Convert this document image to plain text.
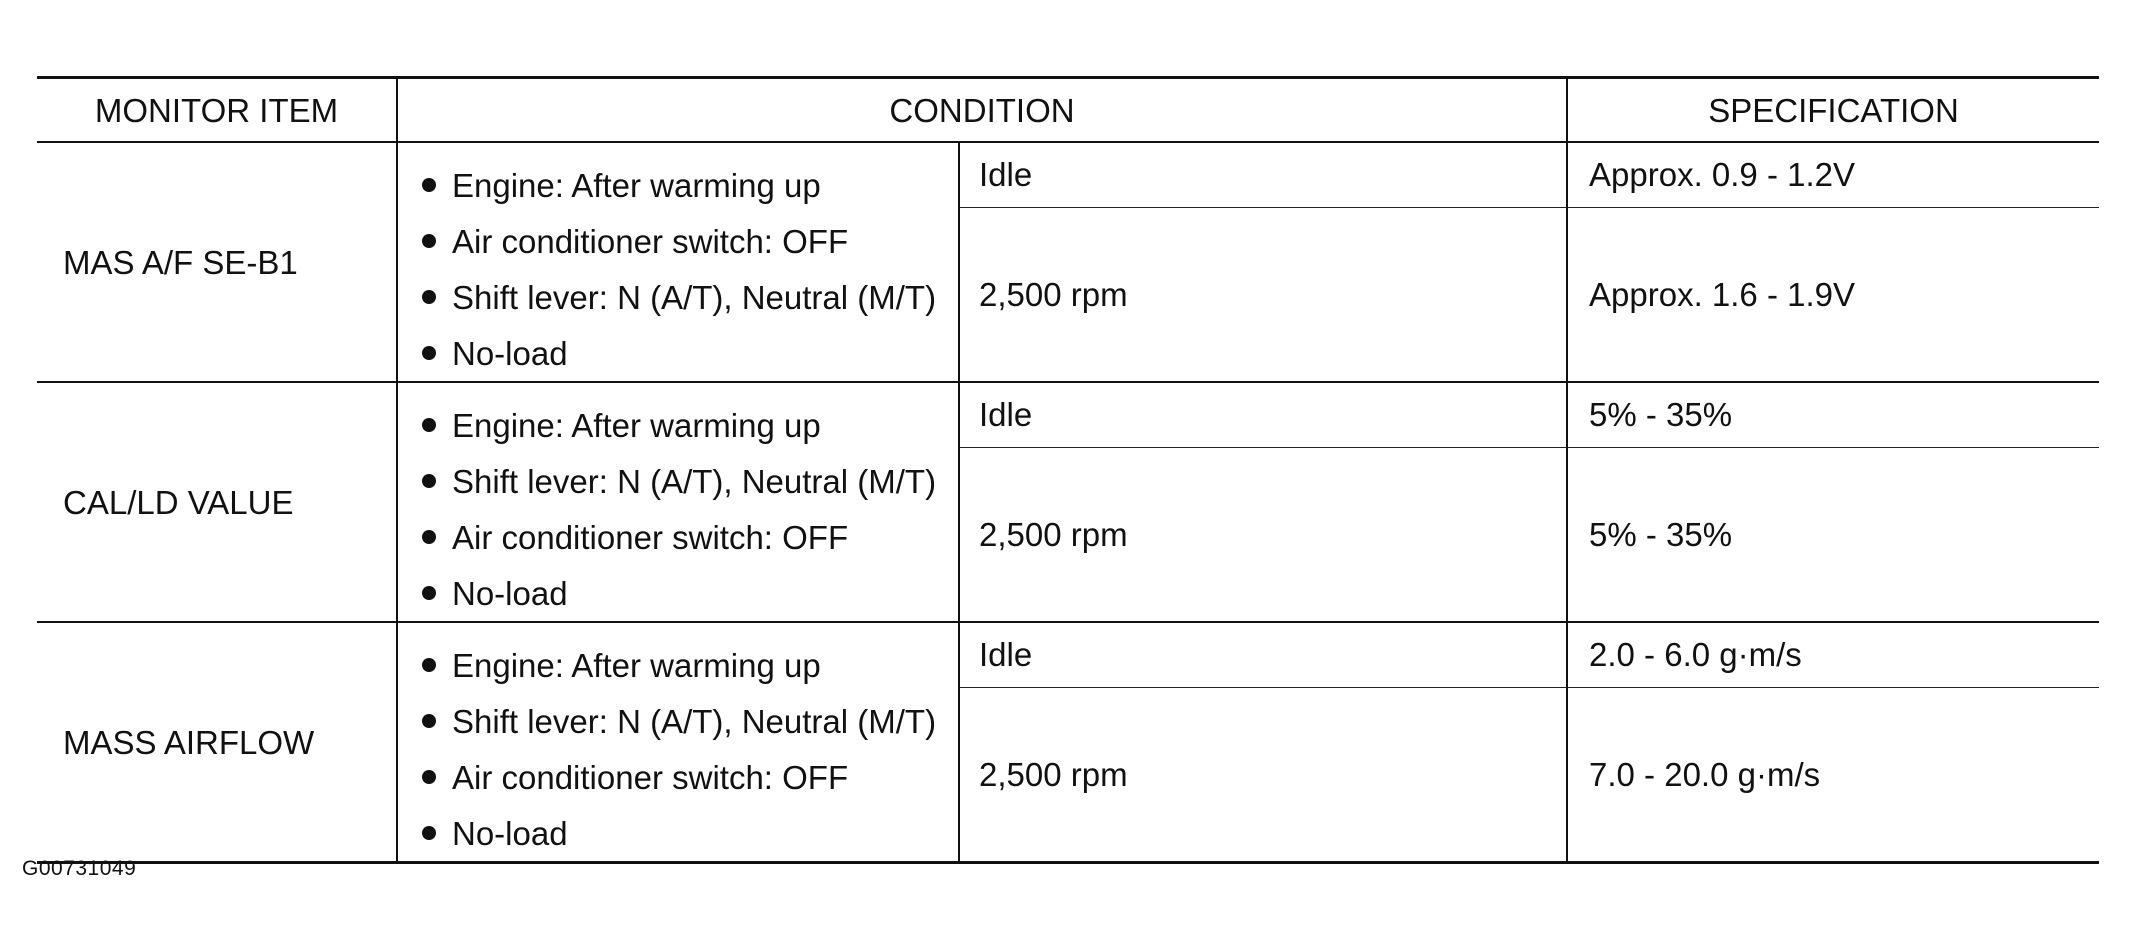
MONITOR ITEM	CONDITION		SPECIFICATION
MAS A/F SE-B1	Engine: After warming up
Air conditioner switch: OFF
Shift lever: N (A/T), Neutral (M/T)
No-load	Idle	Approx. 0.9 - 1.2V
		2,500 rpm	Approx. 1.6 - 1.9V
CAL/LD VALUE	Engine: After warming up
Shift lever: N (A/T), Neutral (M/T)
Air conditioner switch: OFF
No-load	Idle	5% - 35%
		2,500 rpm	5% - 35%
MASS AIRFLOW	Engine: After warming up
Shift lever: N (A/T), Neutral (M/T)
Air conditioner switch: OFF
No-load	Idle	2.0 - 6.0 g·m/s
		2,500 rpm	7.0 - 20.0 g·m/s
G00731049
